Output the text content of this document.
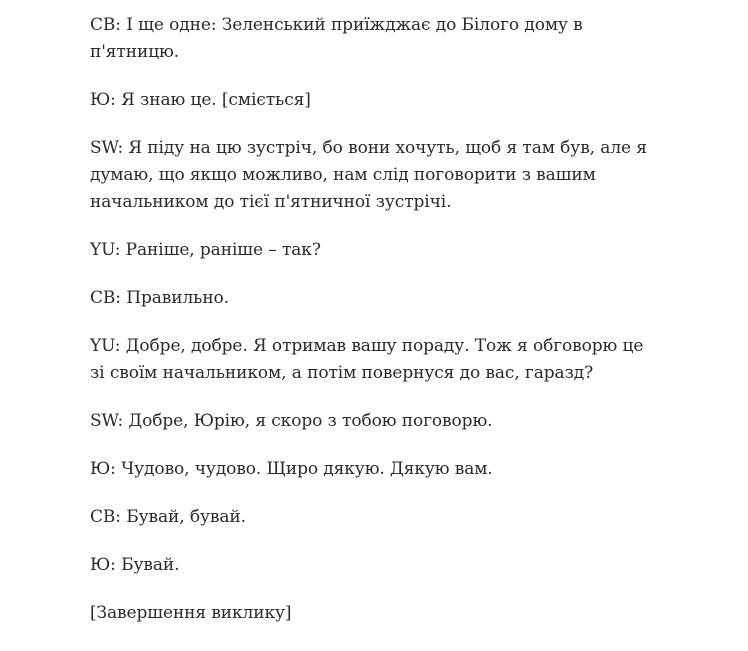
СВ: І ще одне: Зеленський приїжджає до Білого дому в п'ятницю.

Ю: Я знаю це. [сміється]

SW: Я піду на цю зустріч, бо вони хочуть, щоб я там був, але я думаю, що якщо можливо, нам слід поговорити з вашим начальником до тієї п'ятничної зустрічі.

YU: Раніше, раніше – так?

СВ: Правильно.

YU: Добре, добре. Я отримав вашу пораду. Тож я обговорю це зі своїм начальником, а потім повернуся до вас, гаразд?

SW: Добре, Юрію, я скоро з тобою поговорю.

Ю: Чудово, чудово. Щиро дякую. Дякую вам.

СВ: Бувай, бувай.

Ю: Бувай.

[Завершення виклику]
